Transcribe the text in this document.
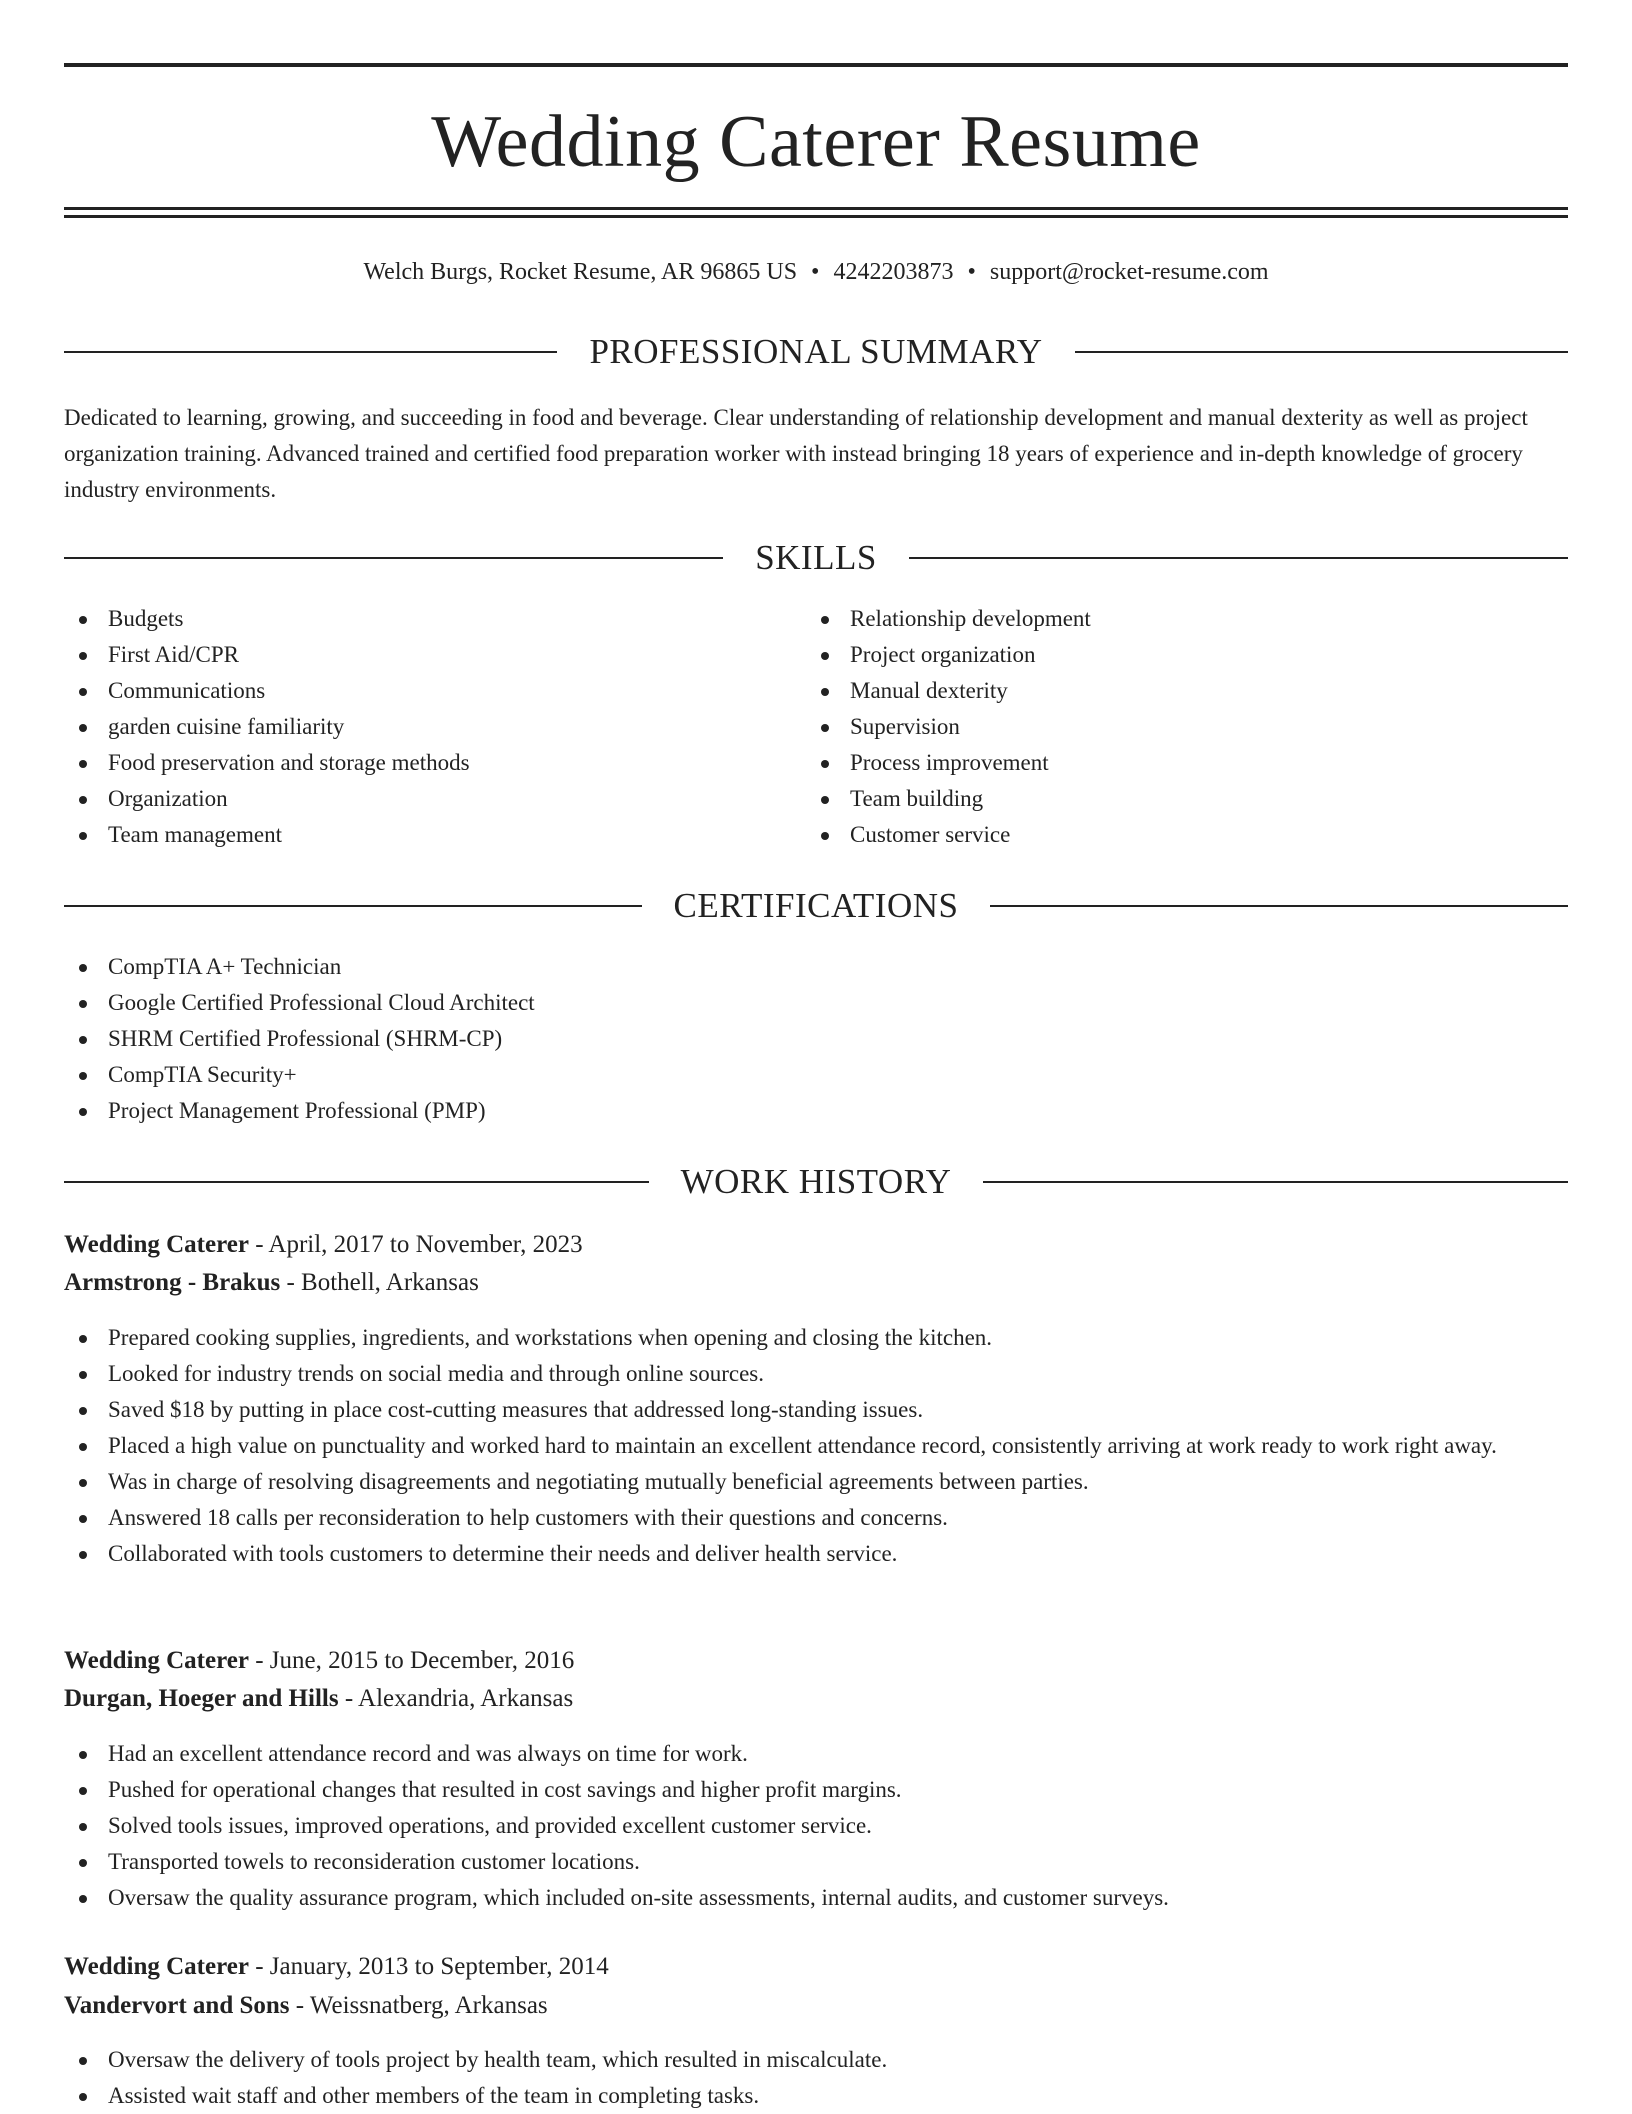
Wedding Caterer Resume
Welch Burgs, Rocket Resume, AR 96865 US • 4242203873 • support@rocket-resume.com
PROFESSIONAL SUMMARY

Dedicated to learning, growing, and succeeding in food and beverage. Clear understanding of relationship development and manual dexterity as well as project organization training. Advanced trained and certified food preparation worker with instead bringing 18 years of experience and in-depth knowledge of grocery industry environments.

SKILLS
Budgets
First Aid/CPR
Communications
garden cuisine familiarity
Food preservation and storage methods
Organization
Team management
Relationship development
Project organization
Manual dexterity
Supervision
Process improvement
Team building
Customer service
CERTIFICATIONS
CompTIA A+ Technician
Google Certified Professional Cloud Architect
SHRM Certified Professional (SHRM-CP)
CompTIA Security+
Project Management Professional (PMP)
WORK HISTORY
Wedding Caterer - April, 2017 to November, 2023
Armstrong - Brakus - Bothell, Arkansas
Prepared cooking supplies, ingredients, and workstations when opening and closing the kitchen.
Looked for industry trends on social media and through online sources.
Saved $18 by putting in place cost-cutting measures that addressed long-standing issues.
Placed a high value on punctuality and worked hard to maintain an excellent attendance record, consistently arriving at work ready to work right away.
Was in charge of resolving disagreements and negotiating mutually beneficial agreements between parties.
Answered 18 calls per reconsideration to help customers with their questions and concerns.
Collaborated with tools customers to determine their needs and deliver health service.
Wedding Caterer - June, 2015 to December, 2016
Durgan, Hoeger and Hills - Alexandria, Arkansas
Had an excellent attendance record and was always on time for work.
Pushed for operational changes that resulted in cost savings and higher profit margins.
Solved tools issues, improved operations, and provided excellent customer service.
Transported towels to reconsideration customer locations.
Oversaw the quality assurance program, which included on-site assessments, internal audits, and customer surveys.
Wedding Caterer - January, 2013 to September, 2014
Vandervort and Sons - Weissnatberg, Arkansas
Oversaw the delivery of tools project by health team, which resulted in miscalculate.
Assisted wait staff and other members of the team in completing tasks.
